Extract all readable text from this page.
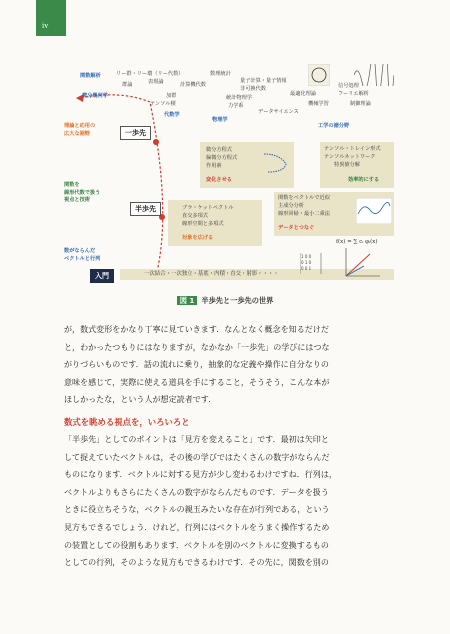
iv
関数解析	リー群・リー環（リー代数）	数理統計
量子計算・量子情報
群論	表現論	計算機代数
非可換代数
統計物理学
最適化理論
信号処理
フーリエ解析
微分幾何学	加群
テンソル積
代数学
力学系	機械学習	制御理論
物理学
データサイエンス
工学の諸分野
理論と応用の
広大な裾野	一歩先
関数を
線形代数で扱う
視点と技術
半歩先
数がならんだ
ベクトルと行列
入門
微分方程式
偏微分方程式
作用素
変化させる
テンソル・トレイン形式
テンソルネットワーク
特異値分解
効率的にする
ブラ・ケットベクトル
直交多項式
線形空間と多項式
対象を広げる
関数をベクトルで近似
主成分分析
線形回帰・最小二乗法
データとつなぐ
f(x) = ∑ cᵢ φᵢ(x)
1 0 0
0 1 0
0 0 1
一次結合・一次独立・基底・内積・直交・射影・・・・
図 1 半歩先と一歩先の世界
が，数式変形をかなり丁寧に見ていきます．なんとなく概念を知るだけだ
と，わかったつもりにはなりますが，なかなか「一歩先」の学びにはつな
がりづらいものです．話の流れに乗り，抽象的な定義や操作に自分なりの
意味を感じて，実際に使える道具を手にすること，そうそう，こんな本が
ほしかったな，という人が想定読者です．
数式を眺める視点を，いろいろと
「半歩先」としてのポイントは「見方を変えること」です．最初は矢印と
して捉えていたベクトルは，その後の学びではたくさんの数字がならんだ
ものになります．ベクトルに対する見方が少し変わるわけですね．行列は，
ベクトルよりもさらにたくさんの数字がならんだものです．データを扱う
ときに役立ちそうな，ベクトルの親玉みたいな存在が行列である，という
見方もできるでしょう．けれど，行列にはベクトルをうまく操作するため
の装置としての役割もあります．ベクトルを別のベクトルに変換するもの
としての行列，そのような見方もできるわけです．その先に，関数を別の
